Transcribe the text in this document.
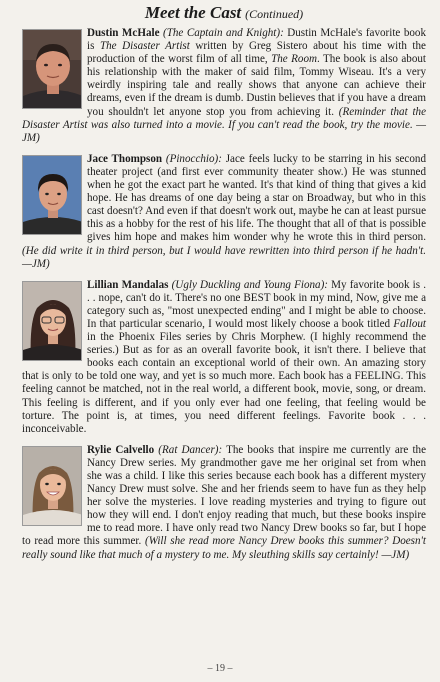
Meet the Cast (Continued)
Dustin McHale (The Captain and Knight): Dustin McHale's favorite book is The Disaster Artist written by Greg Sistero about his time with the production of the worst film of all time, The Room. The book is also about his relationship with the maker of said film, Tommy Wiseau. It's a very weirdly inspiring tale and really shows that anyone can achieve their dreams, even if the dream is dumb. Dustin believes that if you have a dream you shouldn't let anyone stop you from achieving it. (Reminder that the Disaster Artist was also turned into a movie. If you can't read the book, try the movie. —JM)
Jace Thompson (Pinocchio): Jace feels lucky to be starring in his second theater project (and first ever community theater show.) He was stunned when he got the exact part he wanted. It's that kind of thing that gives a kid hope. He has dreams of one day being a star on Broadway, but who in this cast doesn't? And even if that doesn't work out, maybe he can at least pursue this as a hobby for the rest of his life. The thought that all of that is possible gives him hope and makes him wonder why he wrote this in third person. (He did write it in third person, but I would have rewritten into third person if he hadn't. —JM)
Lillian Mandalas (Ugly Duckling and Young Fiona): My favorite book is . . . nope, can't do it. There's no one BEST book in my mind, Now, give me a category such as, "most unexpected ending" and I might be able to choose. In that particular scenario, I would most likely choose a book titled Fallout in the Phoenix Files series by Chris Morphew. (I highly recommend the series.) But as for as an overall favorite book, it isn't there. I believe that books each contain an exceptional world of their own. An amazing story that is only to be told one way, and yet is so much more. Each book has a FEELING. This feeling cannot be matched, not in the real world, a different book, movie, song, or dream. This feeling is different, and if you only ever had one feeling, that feeling would be torture. The point is, at times, you need different feelings. Favorite book . . . inconceivable.
Rylie Calvello (Rat Dancer): The books that inspire me currently are the Nancy Drew series. My grandmother gave me her original set from when she was a child. I like this series because each book has a different mystery Nancy Drew must solve. She and her friends seem to have fun as they help her solve the mysteries. I love reading mysteries and trying to figure out how they will end. I don't enjoy reading that much, but these books inspire me to read more. I have only read two Nancy Drew books so far, but I hope to read more this summer. (Will she read more Nancy Drew books this summer? Doesn't really sound like that much of a mystery to me. My sleuthing skills say certainly! —JM)
– 19 –
